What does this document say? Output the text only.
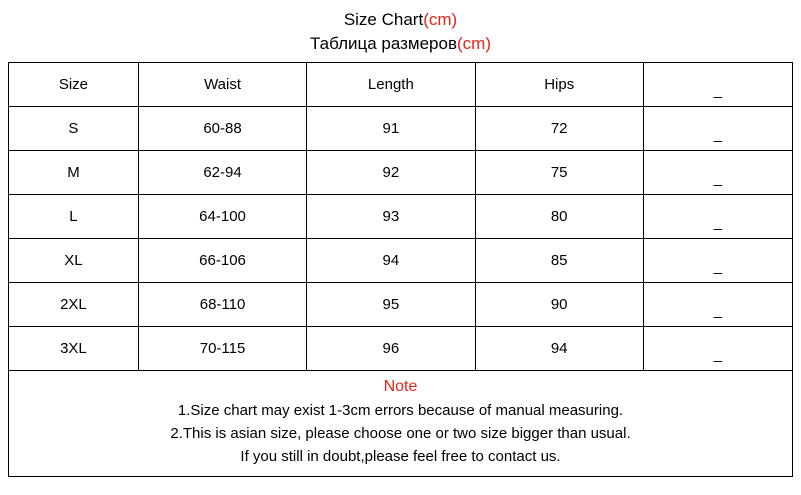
Size Chart(cm)
Таблица размеров(cm)
Size	Waist	Length	Hips	_
S	60-88	91	72	_
M	62-94	92	75	_
L	64-100	93	80	_
XL	66-106	94	85	_
2XL	68-110	95	90	_
3XL	70-115	96	94	_
Note
1.Size chart may exist 1-3cm errors because of manual measuring.
2.This is asian size, please choose one or two size bigger than usual.
If you still in doubt,please feel free to contact us.
